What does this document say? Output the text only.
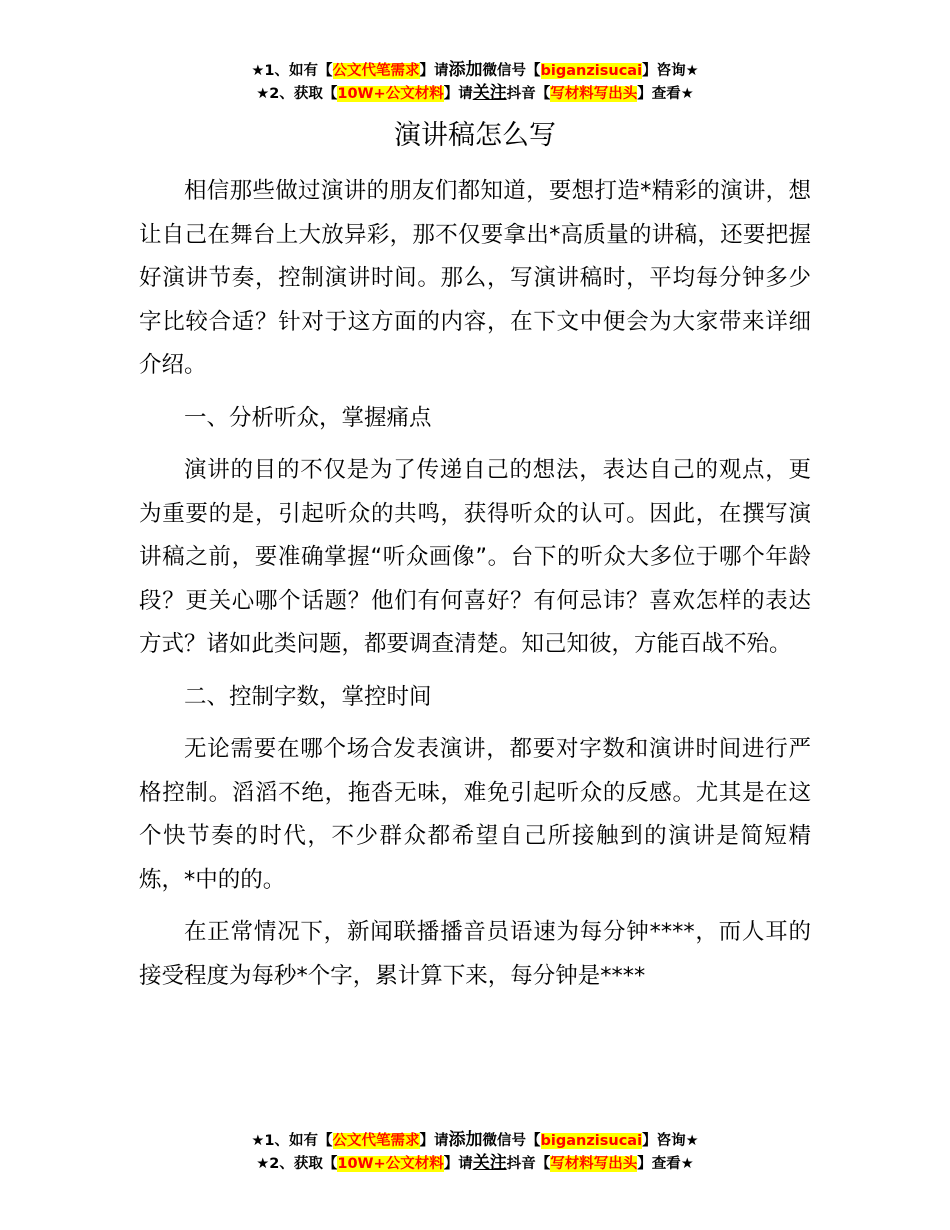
★1、如有【公文代笔需求】请添加微信号【biganzisucai】咨询★
★2、获取【10W+公文材料】请关注抖音【写材料写出头】查看★
演讲稿怎么写

相信那些做过演讲的朋友们都知道，要想打造*精彩的演讲，想让自己在舞台上大放异彩，那不仅要拿出*高质量的讲稿，还要把握好演讲节奏，控制演讲时间。那么，写演讲稿时，平均每分钟多少字比较合适？针对于这方面的内容，在下文中便会为大家带来详细介绍。

一、分析听众，掌握痛点

演讲的目的不仅是为了传递自己的想法，表达自己的观点，更为重要的是，引起听众的共鸣，获得听众的认可。因此，在撰写演讲稿之前，要准确掌握“听众画像”。台下的听众大多位于哪个年龄段？更关心哪个话题？他们有何喜好？有何忌讳？喜欢怎样的表达方式？诸如此类问题，都要调查清楚。知己知彼，方能百战不殆。

二、控制字数，掌控时间

无论需要在哪个场合发表演讲，都要对字数和演讲时间进行严格控制。滔滔不绝，拖沓无味，难免引起听众的反感。尤其是在这个快节奏的时代，不少群众都希望自己所接触到的演讲是简短精炼，*中的的。

在正常情况下，新闻联播播音员语速为每分钟****，而人耳的接受程度为每秒*个字，累计算下来，每分钟是****

★1、如有【公文代笔需求】请添加微信号【biganzisucai】咨询★
★2、获取【10W+公文材料】请关注抖音【写材料写出头】查看★
